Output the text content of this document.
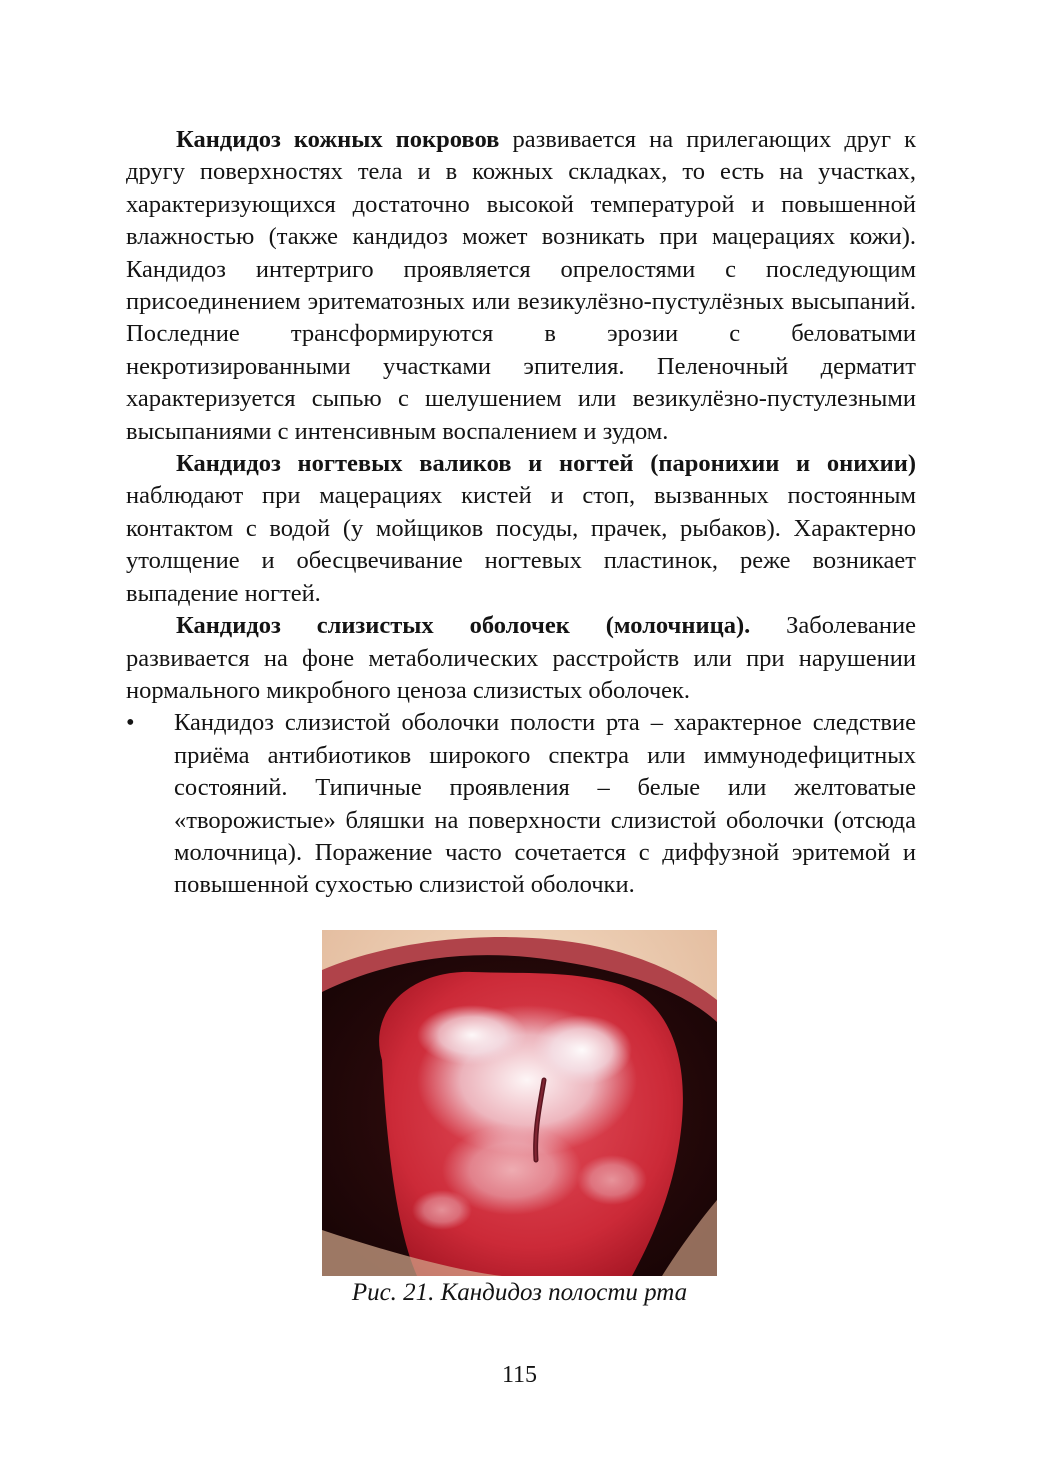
Кандидоз кожных покровов развивается на прилегающих друг к другу поверхностях тела и в кожных складках, то есть на участках, характеризующихся достаточно высокой температурой и повышенной влажностью (также кандидоз может возникать при мацерациях кожи). Кандидоз интертриго проявляется опрелостями с последующим присоединением эритематозных или везикулёзно-пустулёзных высыпаний. Последние трансформируются в эрозии с беловатыми некротизированными участками эпителия. Пеленочный дерматит характеризуется сыпью с шелушением или везикулёзно-пустулезными высыпаниями с интенсивным воспалением и зудом.

Кандидоз ногтевых валиков и ногтей (паронихии и онихии) наблюдают при мацерациях кистей и стоп, вызванных постоянным контактом с водой (у мойщиков посуды, прачек, рыбаков). Характерно утолщение и обесцвечивание ногтевых пластинок, реже возникает выпадение ногтей.

Кандидоз слизистых оболочек (молочница). Заболевание развивается на фоне метаболических расстройств или при нарушении нормального микробного ценоза слизистых оболочек.

• Кандидоз слизистой оболочки полости рта – характерное следствие приёма антибиотиков широкого спектра или иммунодефицитных состояний. Типичные проявления – белые или желтоватые «творожистые» бляшки на поверхности слизистой оболочки (отсюда молочница). Поражение часто сочетается с диффузной эритемой и повышенной сухостью слизистой оболочки.

Рис. 21. Кандидоз полости рта
115
